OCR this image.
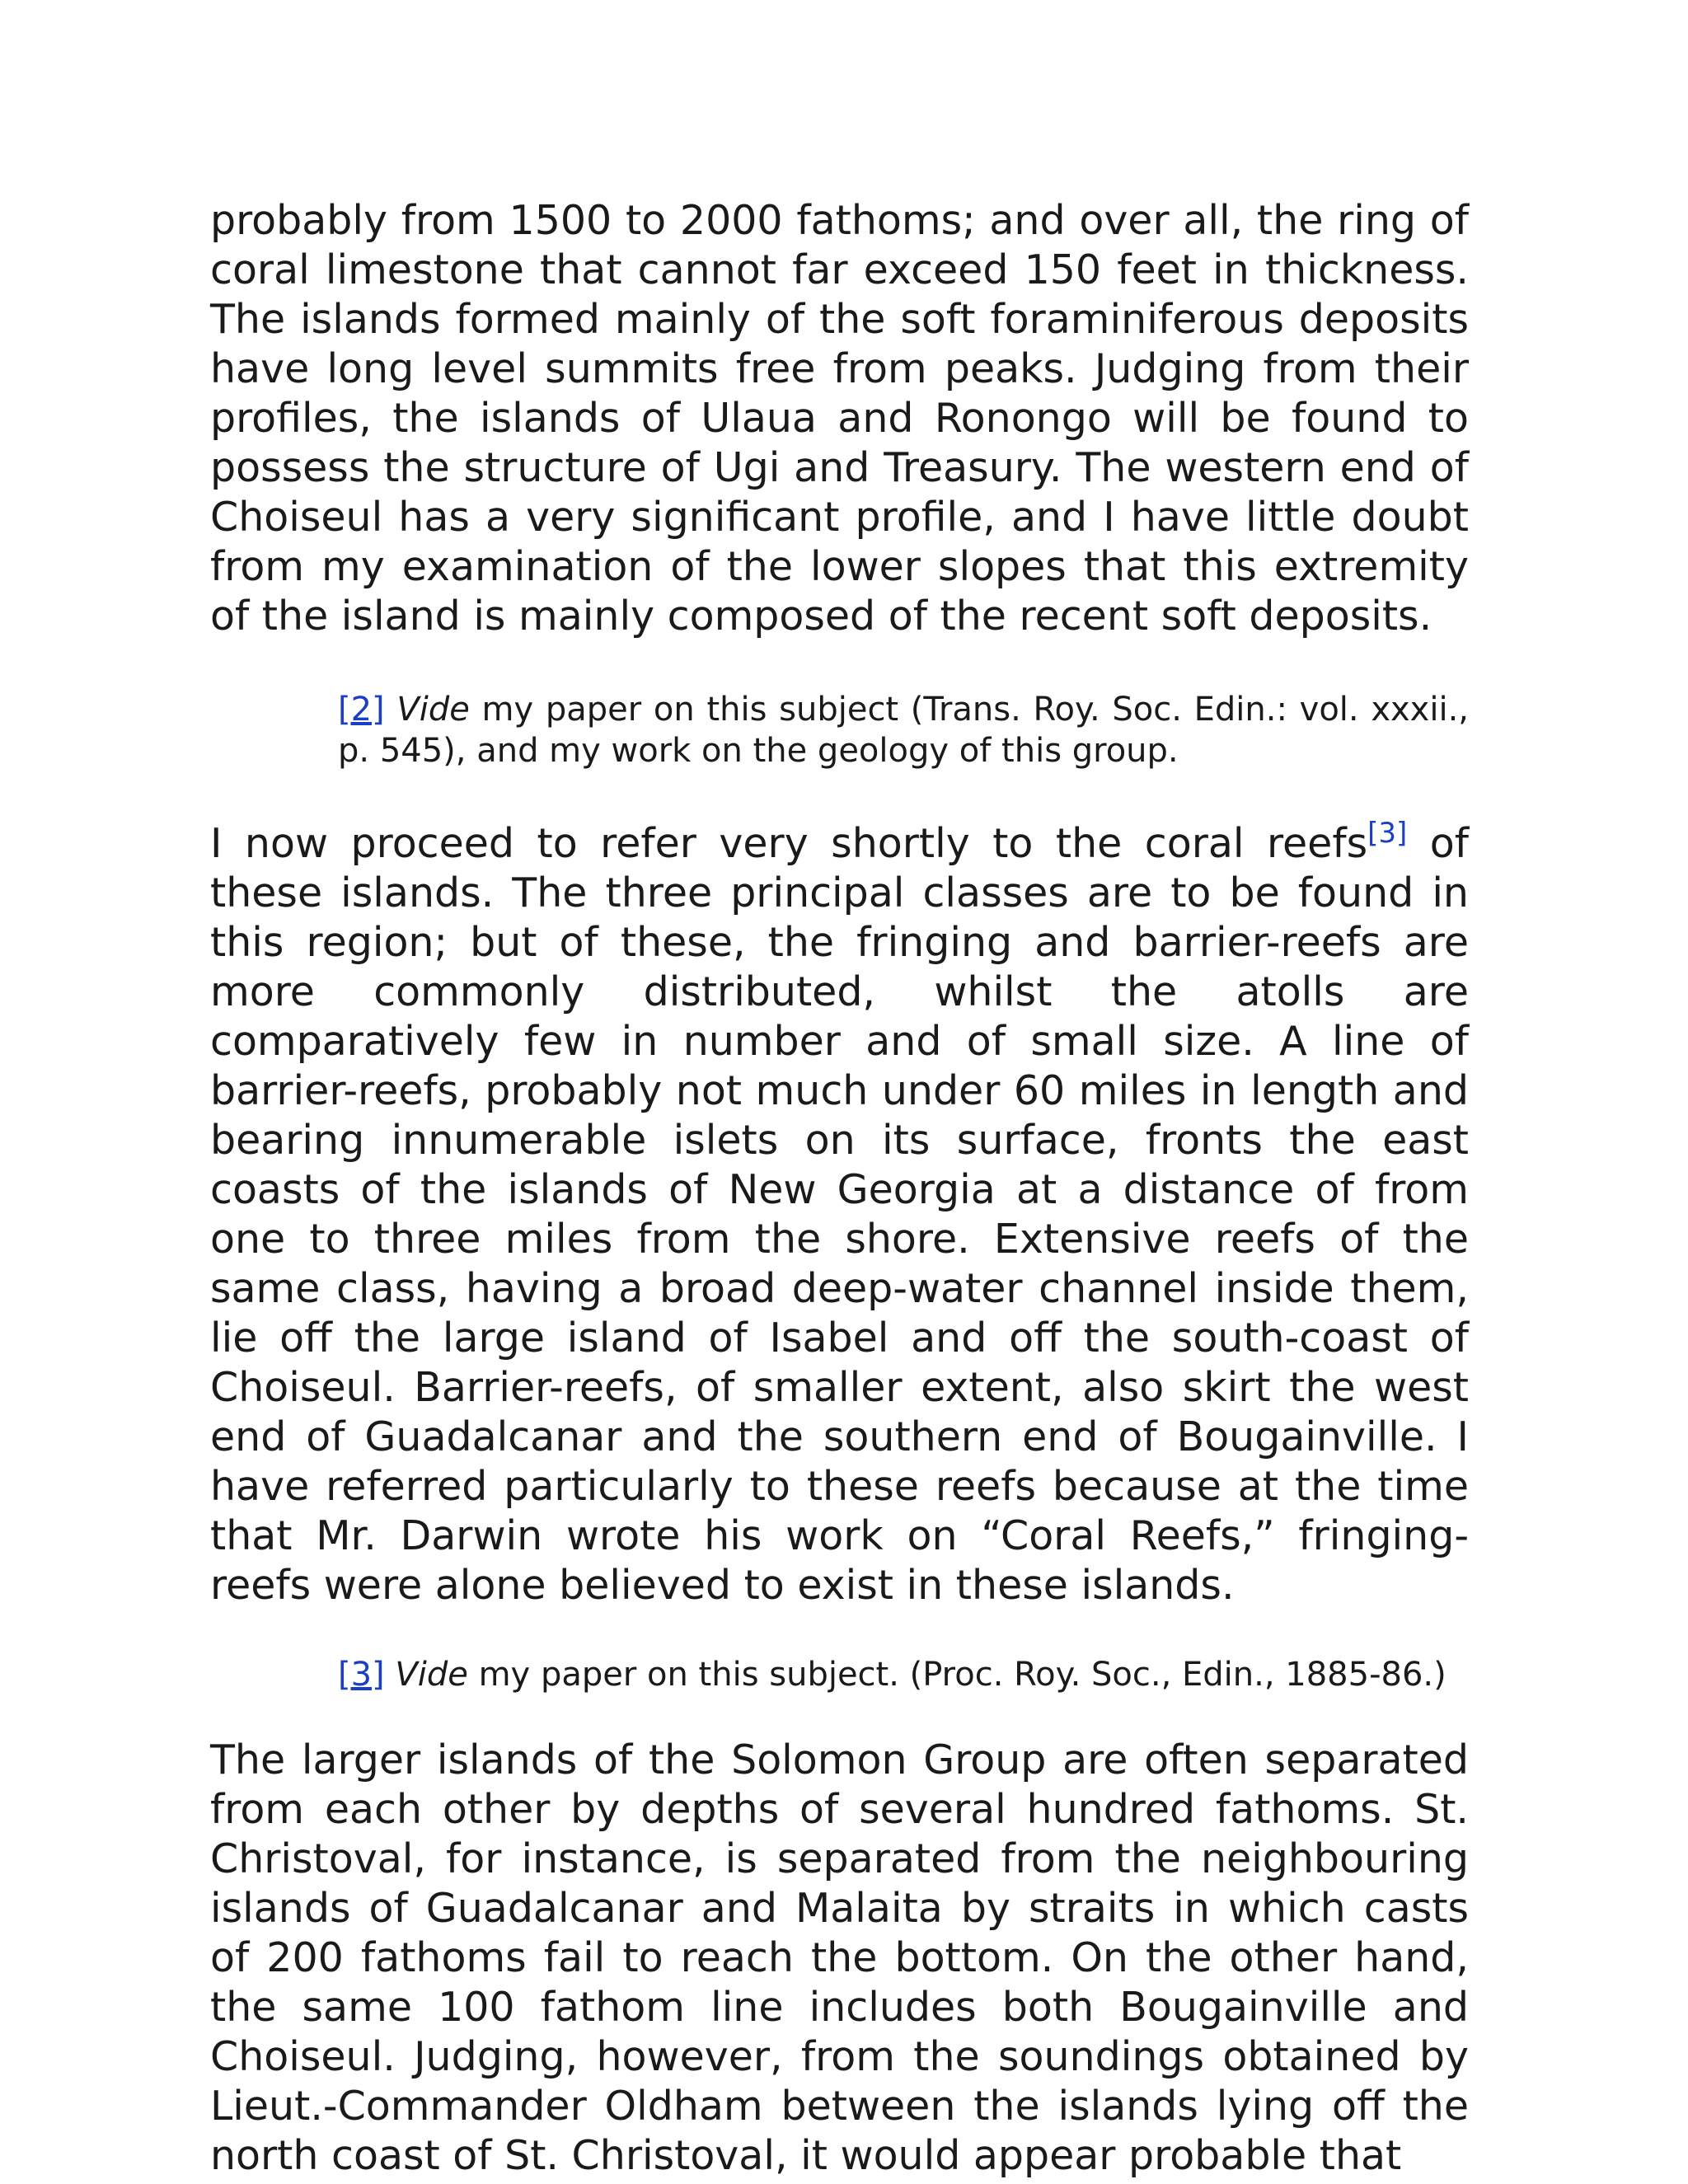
probably from 1500 to 2000 fathoms; and over all, the ring of coral limestone that cannot far exceed 150 feet in thickness. The islands formed mainly of the soft foraminiferous deposits have long level summits free from peaks. Judging from their profiles, the islands of Ulaua and Ronongo will be found to possess the structure of Ugi and Treasury. The western end of Choiseul has a very significant profile, and I have little doubt from my examination of the lower slopes that this extremity of the island is mainly composed of the recent soft deposits.

[2] Vide my paper on this subject (Trans. Roy. Soc. Edin.: vol. xxxii., p. 545), and my work on the geology of this group.

I now proceed to refer very shortly to the coral reefs[3] of these islands. The three principal classes are to be found in this region; but of these, the fringing and barrier-reefs are more commonly distributed, whilst the atolls are comparatively few in number and of small size. A line of barrier-reefs, probably not much under 60 miles in length and bearing innumerable islets on its surface, fronts the east coasts of the islands of New Georgia at a distance of from one to three miles from the shore. Extensive reefs of the same class, having a broad deep-water channel inside them, lie off the large island of Isabel and off the south-coast of Choiseul. Barrier-reefs, of smaller extent, also skirt the west end of Guadalcanar and the southern end of Bougainville. I have referred particularly to these reefs because at the time that Mr. Darwin wrote his work on “Coral Reefs,” fringing-reefs were alone believed to exist in these islands.

[3] Vide my paper on this subject. (Proc. Roy. Soc., Edin., 1885-86.)

The larger islands of the Solomon Group are often separated from each other by depths of several hundred fathoms. St. Christoval, for instance, is separated from the neighbouring islands of Guadalcanar and Malaita by straits in which casts of 200 fathoms fail to reach the bottom. On the other hand, the same 100 fathom line includes both Bougainville and Choiseul. Judging, however, from the soundings obtained by Lieut.-Commander Oldham between the islands lying off the north coast of St. Christoval, it would appear probable that
